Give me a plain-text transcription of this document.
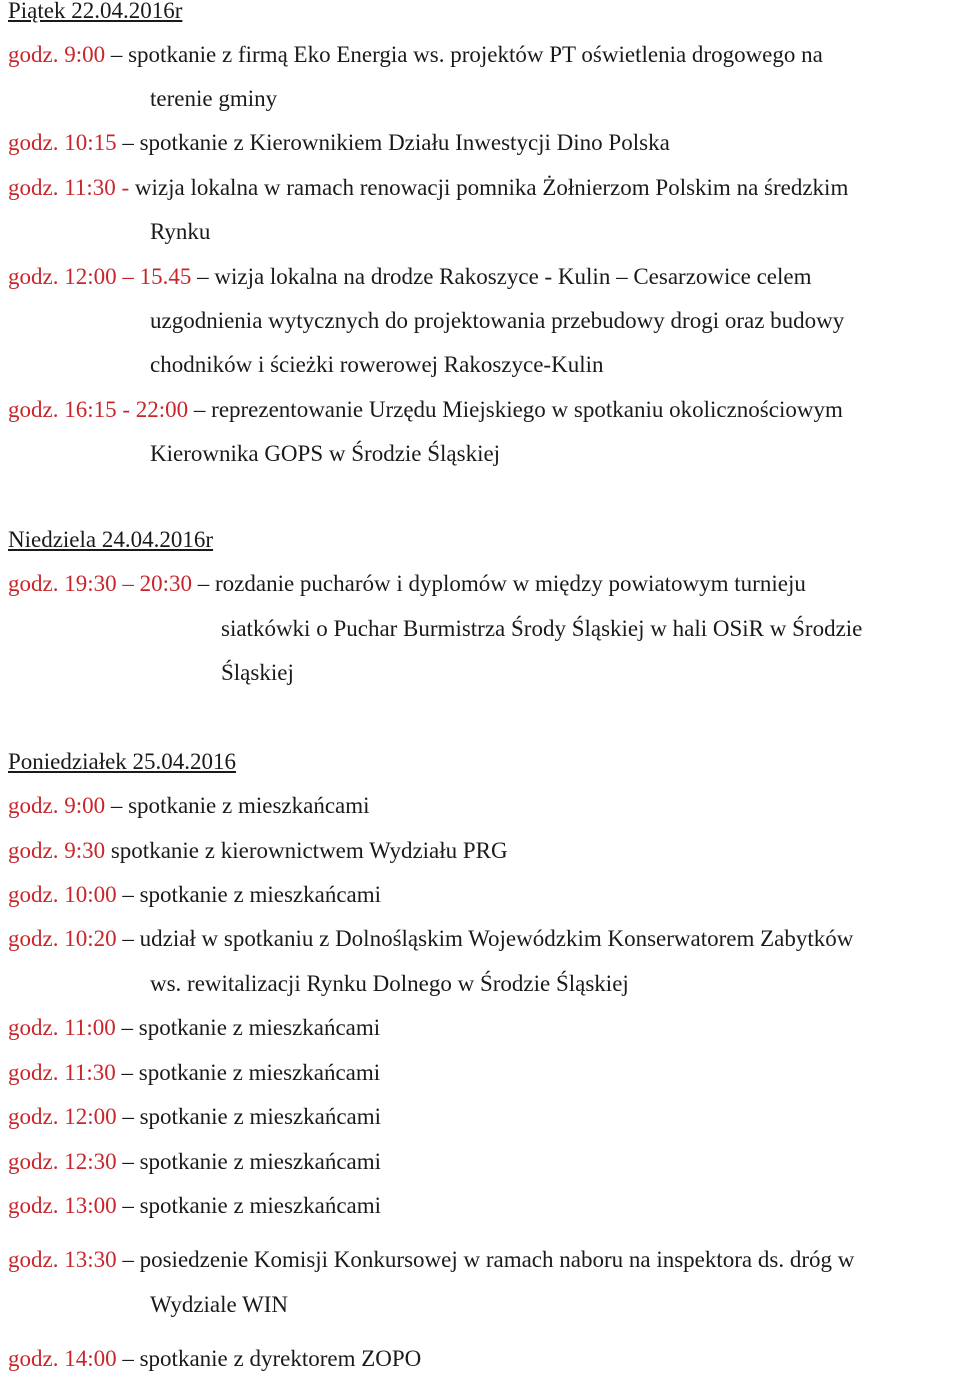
Piątek 22.04.2016r
godz. 9:00 – spotkanie z firmą Eko Energia ws. projektów PT oświetlenia drogowego na
terenie gminy
godz. 10:15 – spotkanie z Kierownikiem Działu Inwestycji Dino Polska
godz. 11:30 - wizja lokalna w ramach renowacji pomnika Żołnierzom Polskim na średzkim
Rynku
godz. 12:00 – 15.45 – wizja lokalna na drodze Rakoszyce - Kulin – Cesarzowice celem
uzgodnienia wytycznych do projektowania przebudowy drogi oraz budowy
chodników i ścieżki rowerowej Rakoszyce-Kulin
godz. 16:15 - 22:00 – reprezentowanie Urzędu Miejskiego w spotkaniu okolicznościowym
Kierownika GOPS w Środzie Śląskiej
Niedziela 24.04.2016r
godz. 19:30 – 20:30 – rozdanie pucharów i dyplomów w między powiatowym turnieju
siatkówki o Puchar Burmistrza Środy Śląskiej w hali OSiR w Środzie
Śląskiej
Poniedziałek 25.04.2016
godz. 9:00 – spotkanie z mieszkańcami
godz. 9:30 spotkanie z kierownictwem Wydziału PRG
godz. 10:00 – spotkanie z mieszkańcami
godz. 10:20 – udział w spotkaniu z Dolnośląskim Wojewódzkim Konserwatorem Zabytków
ws. rewitalizacji Rynku Dolnego w Środzie Śląskiej
godz. 11:00 – spotkanie z mieszkańcami
godz. 11:30 – spotkanie z mieszkańcami
godz. 12:00 – spotkanie z mieszkańcami
godz. 12:30 – spotkanie z mieszkańcami
godz. 13:00 – spotkanie z mieszkańcami
godz. 13:30 – posiedzenie Komisji Konkursowej w ramach naboru na inspektora ds. dróg w
Wydziale WIN
godz. 14:00 – spotkanie z dyrektorem ZOPO
